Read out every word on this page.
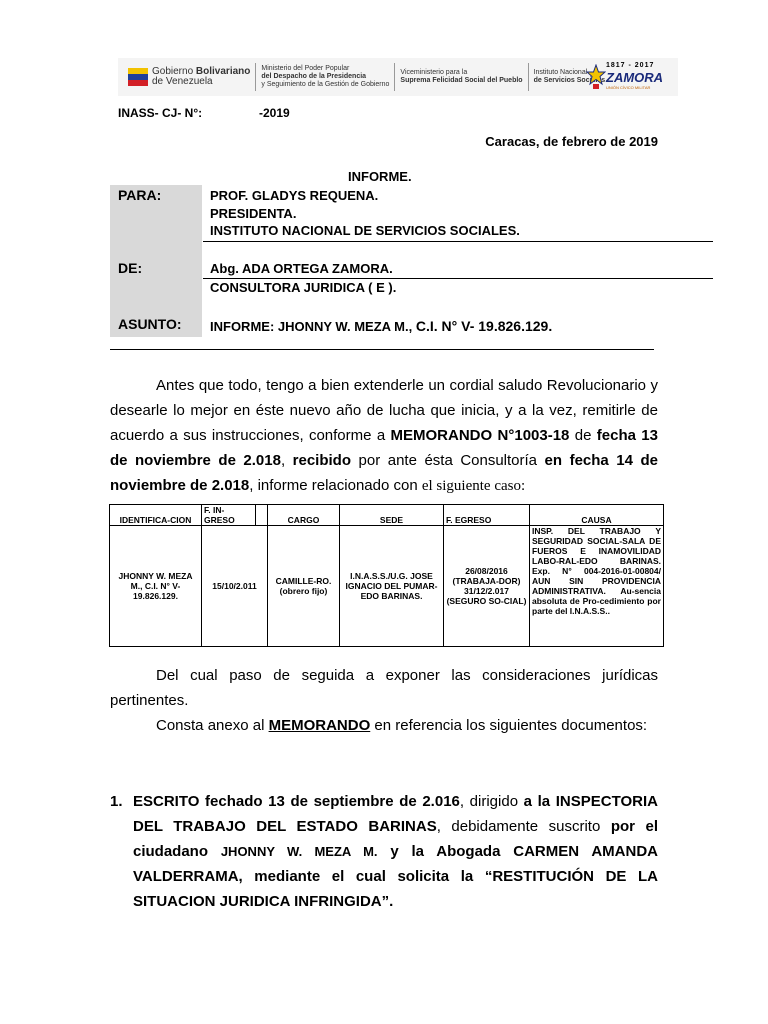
Gobierno Bolivariano
de Venezuela
Ministerio del Poder Popular
del Despacho de la Presidencia
y Seguimiento de la Gestión de Gobierno
Viceministerio para la
Suprema Felicidad Social del Pueblo
Instituto Nacional
de Servicios Sociales
1817 - 2017
ZAMORA
UNIÓN CÍVICO MILITAR
INASS- CJ- N°:	-2019
Caracas, de febrero de 2019
INFORME.
PARA:	PROF. GLADYS REQUENA.
PRESIDENTA.
INSTITUTO NACIONAL DE SERVICIOS SOCIALES.
DE:	Abg. ADA ORTEGA ZAMORA.
CONSULTORA JURIDICA ( E ).
ASUNTO: INFORME: JHONNY W. MEZA M., C.I. N° V- 19.826.129.
Antes que todo, tengo a bien extenderle un cordial saludo Revolucionario y desearle lo mejor en éste nuevo año de lucha que inicia, y a la vez, remitirle de acuerdo a sus instrucciones, conforme a MEMORANDO N°1003-18 de fecha 13 de noviembre de 2.018, recibido por ante ésta Consultoría en fecha 14 de noviembre de 2.018, informe relacionado con el siguiente caso:
IDENTIFICA-CION	F. IN-GRESO		CARGO	SEDE	F. EGRESO	CAUSA
JHONNY W. MEZA M., C.I. N° V- 19.826.129.	15/10/2.011		CAMILLE-RO. (obrero fijo)	I.N.A.S.S./U.G. JOSE IGNACIO DEL PUMAR-EDO BARINAS.	26/08/2016 (TRABAJA-DOR) 31/12/2.017 (SEGURO SO-CIAL)	INSP. DEL TRABAJO Y SEGURIDAD SOCIAL-SALA DE FUEROS E INAMOVILIDAD LABO-RAL-EDO BARINAS. Exp. N° 004-2016-01-00804/ AUN SIN PROVIDENCIA ADMINISTRATIVA. Au-sencia absoluta de Pro-cedimiento por parte del I.N.A.S.S..
Del cual paso de seguida a exponer las consideraciones jurídicas pertinentes.
Consta anexo al MEMORANDO en referencia los siguientes documentos:
1. ESCRITO fechado 13 de septiembre de 2.016, dirigido a la INSPECTORIA DEL TRABAJO DEL ESTADO BARINAS, debidamente suscrito por el ciudadano JHONNY W. MEZA M. y la Abogada CARMEN AMANDA VALDERRAMA, mediante el cual solicita la “RESTITUCIÓN DE LA SITUACION JURIDICA INFRINGIDA”.
